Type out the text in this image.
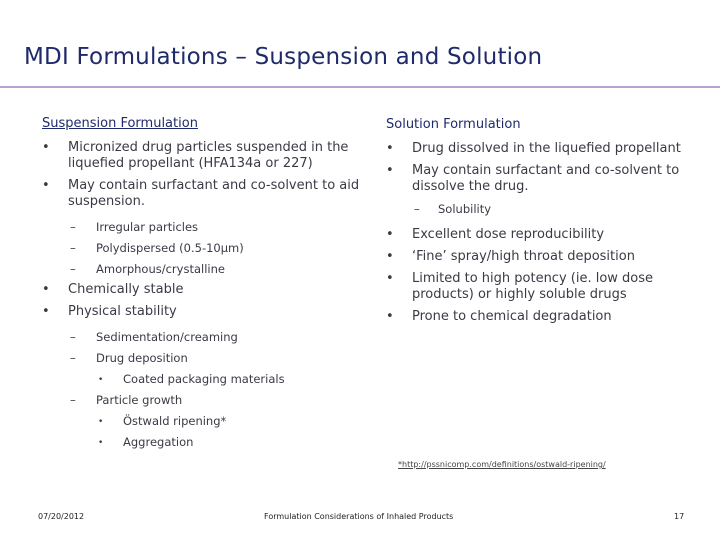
MDI Formulations – Suspension and Solution
Suspension Formulation
• Micronized drug particles suspended in the liquefied propellant (HFA134a or 227)
• May contain surfactant and co-solvent to aid suspension.
– Irregular particles
– Polydispersed (0.5-10μm)
– Amorphous/crystalline
• Chemically stable
• Physical stability
– Sedimentation/creaming
– Drug deposition
• Coated packaging materials
– Particle growth
• Östwald ripening*
• Aggregation
Solution Formulation
• Drug dissolved in the liquefied propellant
• May contain surfactant and co-solvent to dissolve the drug.
– Solubility
• Excellent dose reproducibility
• ‘Fine’ spray/high throat deposition
• Limited to high potency (ie. low dose products) or highly soluble drugs
• Prone to chemical degradation
*http://pssnicomp.com/definitions/ostwald-ripening/
07/20/2012	Formulation Considerations of Inhaled Products	17
